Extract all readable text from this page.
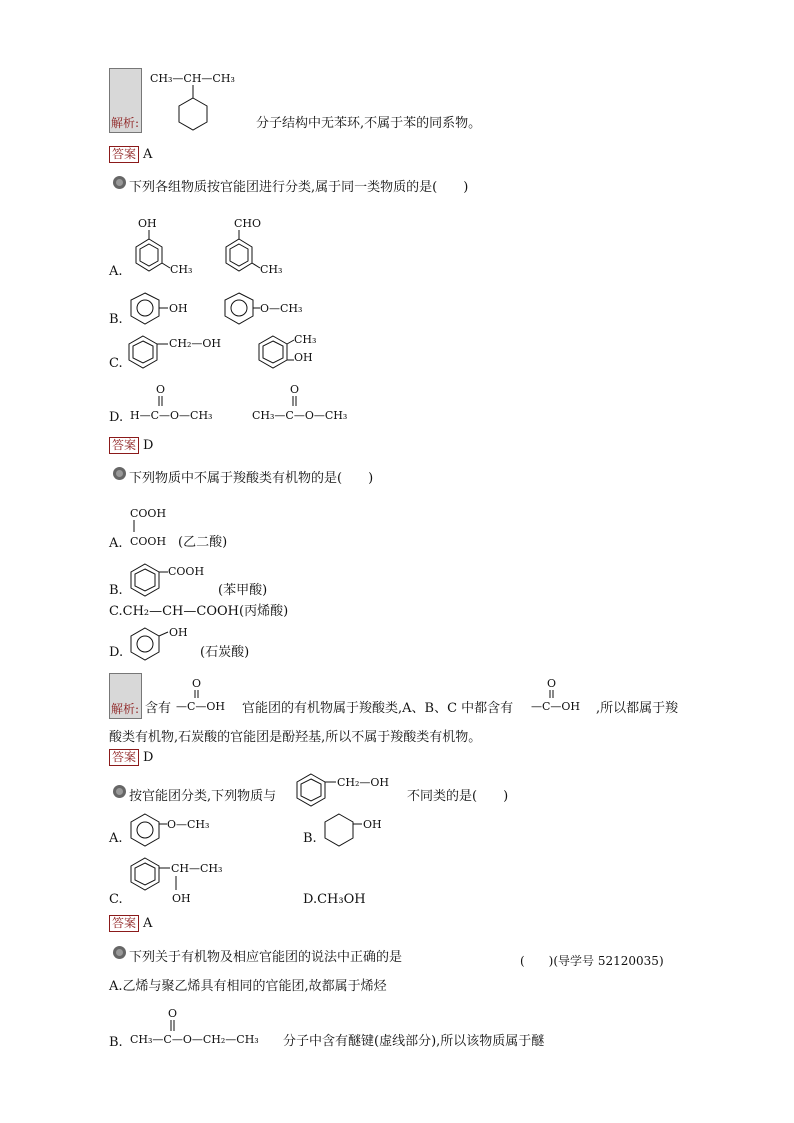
解析:
CH₃—CH—CH₃
分子结构中无苯环,不属于苯的同系物。
答案 A
下列各组物质按官能团进行分类,属于同一类物质的是(　　)
A.
OH
CH₃
CHO
CH₃
B.
OH	O—CH₃
C.
CH₂—OH	CH₃
OH
D.
O
H—C—O—CH₃
O
CH₃—C—O—CH₃
答案 D
下列物质中不属于羧酸类有机物的是(　　)
A.
COOH
COOH (乙二酸)
B.
COOH
(苯甲酸)
C.CH₂—CH—COOH(丙烯酸)
D.
OH
(石炭酸)
解析: 含有
O
—C—OH 官能团的有机物属于羧酸类,A、B、C 中都含有
O
—C—OH ,所以都属于羧
酸类有机物,石炭酸的官能团是酚羟基,所以不属于羧酸类有机物。
答案 D
按官能团分类,下列物质与
CH₂—OH
不同类的是(　　)
A.
O—CH₃
B.
OH
C.
CH—CH₃
OH	D.CH₃OH
答案 A
下列关于有机物及相应官能团的说法中正确的是	(　　)(导学号 52120035)
A.乙烯与聚乙烯具有相同的官能团,故都属于烯烃
B.
O
CH₃—C—O—CH₂—CH₃ 分子中含有醚键(虚线部分),所以该物质属于醚
